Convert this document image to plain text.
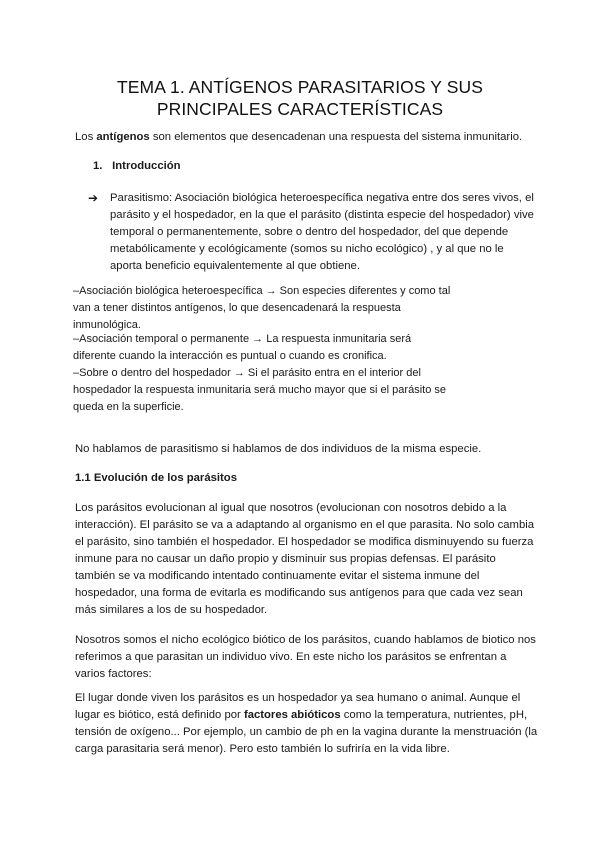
TEMA 1. ANTÍGENOS PARASITARIOS Y SUS
PRINCIPALES CARACTERÍSTICAS

Los antígenos son elementos que desencadenan una respuesta del sistema inmunitario.

1. Introducción
➔ Parasitismo: Asociación biológica heteroespecífica negativa entre dos seres vivos, el
parásito y el hospedador, en la que el parásito (distinta especie del hospedador) vive
temporal o permanentemente, sobre o dentro del hospedador, del que depende
metabólicamente y ecológicamente (somos su nicho ecológico) , y al que no le
aporta beneficio equivalentemente al que obtiene.

‒Asociación biológica heteroespecífica → Son especies diferentes y como tal
van a tener distintos antígenos, lo que desencadenará la respuesta
inmunológica.

‒Asociación temporal o permanente → La respuesta inmunitaria será
diferente cuando la interacción es puntual o cuando es cronifica.

‒Sobre o dentro del hospedador → Si el parásito entra en el interior del
hospedador la respuesta inmunitaria será mucho mayor que si el parásito se
queda en la superficie.

No hablamos de parasitismo si hablamos de dos individuos de la misma especie.

1.1 Evolución de los parásitos

Los parásitos evolucionan al igual que nosotros (evolucionan con nosotros debido a la
interacción). El parásito se va a adaptando al organismo en el que parasita. No solo cambia
el parásito, sino también el hospedador. El hospedador se modifica disminuyendo su fuerza
inmune para no causar un daño propio y disminuir sus propias defensas. El parásito
también se va modificando intentado continuamente evitar el sistema inmune del
hospedador, una forma de evitarla es modificando sus antígenos para que cada vez sean
más similares a los de su hospedador.

Nosotros somos el nicho ecológico biótico de los parásitos, cuando hablamos de biotico nos
referimos a que parasitan un individuo vivo. En este nicho los parásitos se enfrentan a
varios factores:

El lugar donde viven los parásitos es un hospedador ya sea humano o animal. Aunque el
lugar es biótico, está definido por factores abióticos como la temperatura, nutrientes, pH,
tensión de oxígeno... Por ejemplo, un cambio de ph en la vagina durante la menstruación (la
carga parasitaria será menor). Pero esto también lo sufriría en la vida libre.
